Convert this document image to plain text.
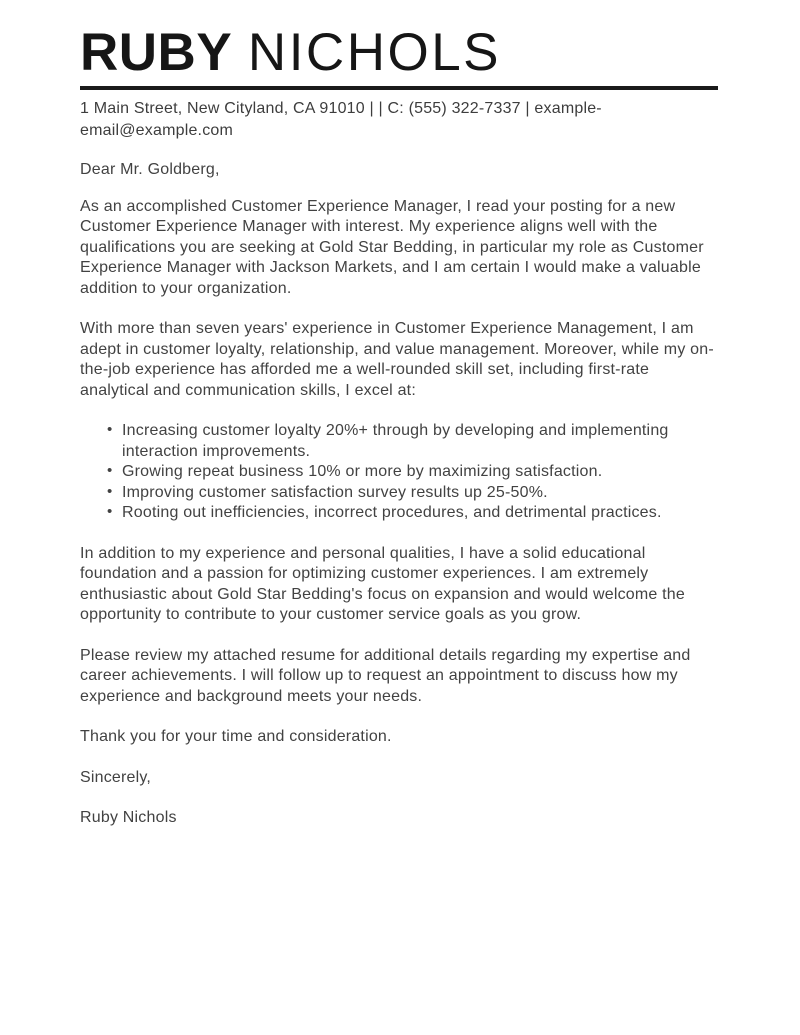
RUBY NICHOLS

1 Main Street, New Cityland, CA 91010 | | C: (555) 322-7337 | example-
email@example.com

Dear Mr. Goldberg,

As an accomplished Customer Experience Manager, I read your posting for a new Customer Experience Manager with interest. My experience aligns well with the qualifications you are seeking at Gold Star Bedding, in particular my role as Customer Experience Manager with Jackson Markets, and I am certain I would make a valuable addition to your organization.

With more than seven years' experience in Customer Experience Management, I am adept in customer loyalty, relationship, and value management. Moreover, while my on-the-job experience has afforded me a well-rounded skill set, including first-rate analytical and communication skills, I excel at:

• Increasing customer loyalty 20%+ through by developing and implementing interaction improvements.
• Growing repeat business 10% or more by maximizing satisfaction.
• Improving customer satisfaction survey results up 25-50%.
• Rooting out inefficiencies, incorrect procedures, and detrimental practices.

In addition to my experience and personal qualities, I have a solid educational foundation and a passion for optimizing customer experiences. I am extremely enthusiastic about Gold Star Bedding's focus on expansion and would welcome the opportunity to contribute to your customer service goals as you grow.

Please review my attached resume for additional details regarding my expertise and career achievements. I will follow up to request an appointment to discuss how my experience and background meets your needs.

Thank you for your time and consideration.

Sincerely,

Ruby Nichols
